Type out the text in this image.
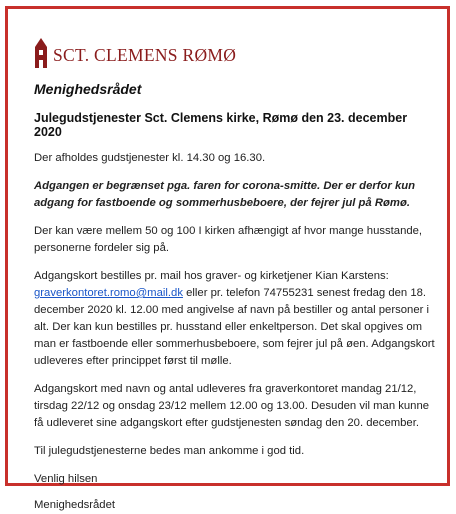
SCT. CLEMENS RØMØ
Menighedsrådet
Julegudstjenester Sct. Clemens kirke, Rømø den 23. december 2020

Der afholdes gudstjenester kl. 14.30 og 16.30.

Adgangen er begrænset pga. faren for corona-smitte. Der er derfor kun adgang for fastboende og sommerhusbeboere, der fejrer jul på Rømø.

Der kan være mellem 50 og 100 I kirken afhængigt af hvor mange husstande, personerne fordeler sig på.

Adgangskort bestilles pr. mail hos graver- og kirketjener Kian Karstens: graverkontoret.romo@mail.dk eller pr. telefon 74755231 senest fredag den 18. december 2020 kl. 12.00 med angivelse af navn på bestiller og antal personer i alt. Der kan kun bestilles pr. husstand eller enkeltperson. Det skal opgives om man er fastboende eller sommerhusbeboere, som fejrer jul på øen. Adgangskort udleveres efter princippet først til mølle.

Adgangskort med navn og antal udleveres fra graverkontoret mandag 21/12, tirsdag 22/12 og onsdag 23/12 mellem 12.00 og 13.00. Desuden vil man kunne få udleveret sine adgangskort efter gudstjenesten søndag den 20. december.

Til julegudstjenesterne bedes man ankomme i god tid.

Venlig hilsen

Menighedsrådet
